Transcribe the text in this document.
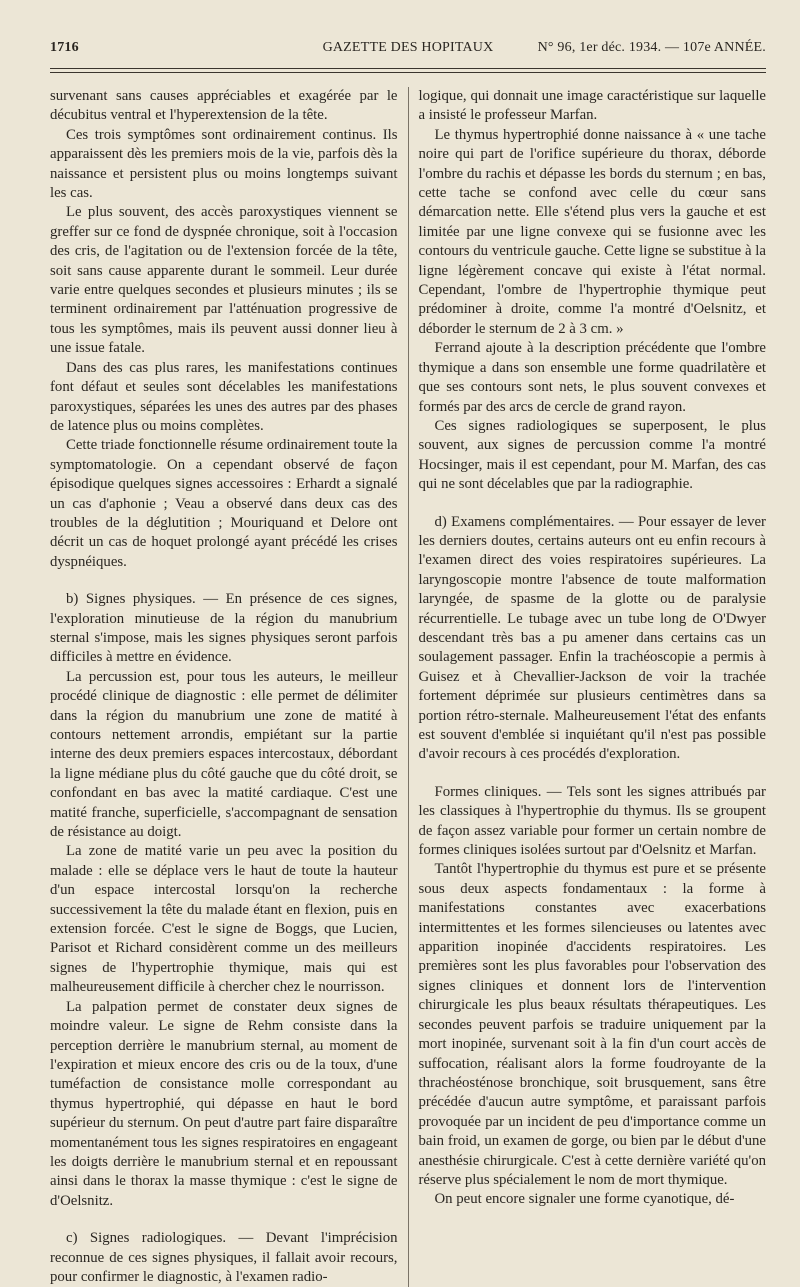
1716	GAZETTE DES HOPITAUX	N° 96, 1er déc. 1934. — 107e ANNÉE.

survenant sans causes appréciables et exagérée par le décubitus ventral et l'hyperextension de la tête.

Ces trois symptômes sont ordinairement continus. Ils apparaissent dès les premiers mois de la vie, parfois dès la naissance et persistent plus ou moins longtemps suivant les cas.

Le plus souvent, des accès paroxystiques viennent se greffer sur ce fond de dyspnée chronique, soit à l'occasion des cris, de l'agitation ou de l'extension forcée de la tête, soit sans cause apparente durant le sommeil. Leur durée varie entre quelques secondes et plusieurs minutes ; ils se terminent ordinairement par l'atténuation progressive de tous les symptômes, mais ils peuvent aussi donner lieu à une issue fatale.

Dans des cas plus rares, les manifestations continues font défaut et seules sont décelables les manifestations paroxystiques, séparées les unes des autres par des phases de latence plus ou moins complètes.

Cette triade fonctionnelle résume ordinairement toute la symptomatologie. On a cependant observé de façon épisodique quelques signes accessoires : Erhardt a signalé un cas d'aphonie ; Veau a observé dans deux cas des troubles de la déglutition ; Mouriquand et Delore ont décrit un cas de hoquet prolongé ayant précédé les crises dyspnéiques.

b) Signes physiques. — En présence de ces signes, l'exploration minutieuse de la région du manubrium sternal s'impose, mais les signes physiques seront parfois difficiles à mettre en évidence.

La percussion est, pour tous les auteurs, le meilleur procédé clinique de diagnostic : elle permet de délimiter dans la région du manubrium une zone de matité à contours nettement arrondis, empiétant sur la partie interne des deux premiers espaces intercostaux, débordant la ligne médiane plus du côté gauche que du côté droit, se confondant en bas avec la matité cardiaque. C'est une matité franche, superficielle, s'accompagnant de sensation de résistance au doigt.

La zone de matité varie un peu avec la position du malade : elle se déplace vers le haut de toute la hauteur d'un espace intercostal lorsqu'on la recherche successivement la tête du malade étant en flexion, puis en extension forcée. C'est le signe de Boggs, que Lucien, Parisot et Richard considèrent comme un des meilleurs signes de l'hypertrophie thymique, mais qui est malheureusement difficile à chercher chez le nourrisson.

La palpation permet de constater deux signes de moindre valeur. Le signe de Rehm consiste dans la perception derrière le manubrium sternal, au moment de l'expiration et mieux encore des cris ou de la toux, d'une tuméfaction de consistance molle correspondant au thymus hypertrophié, qui dépasse en haut le bord supérieur du sternum. On peut d'autre part faire disparaître momentanément tous les signes respiratoires en engageant les doigts derrière le manubrium sternal et en repoussant ainsi dans le thorax la masse thymique : c'est le signe de d'Oelsnitz.

c) Signes radiologiques. — Devant l'imprécision reconnue de ces signes physiques, il fallait avoir recours, pour confirmer le diagnostic, à l'examen radio-

logique, qui donnait une image caractéristique sur laquelle a insisté le professeur Marfan.

Le thymus hypertrophié donne naissance à « une tache noire qui part de l'orifice supérieure du thorax, déborde l'ombre du rachis et dépasse les bords du sternum ; en bas, cette tache se confond avec celle du cœur sans démarcation nette. Elle s'étend plus vers la gauche et est limitée par une ligne convexe qui se fusionne avec les contours du ventricule gauche. Cette ligne se substitue à la ligne légèrement concave qui existe à l'état normal. Cependant, l'ombre de l'hypertrophie thymique peut prédominer à droite, comme l'a montré d'Oelsnitz, et déborder le sternum de 2 à 3 cm. »

Ferrand ajoute à la description précédente que l'ombre thymique a dans son ensemble une forme quadrilatère et que ses contours sont nets, le plus souvent convexes et formés par des arcs de cercle de grand rayon.

Ces signes radiologiques se superposent, le plus souvent, aux signes de percussion comme l'a montré Hocsinger, mais il est cependant, pour M. Marfan, des cas qui ne sont décelables que par la radiographie.

d) Examens complémentaires. — Pour essayer de lever les derniers doutes, certains auteurs ont eu enfin recours à l'examen direct des voies respiratoires supérieures. La laryngoscopie montre l'absence de toute malformation laryngée, de spasme de la glotte ou de paralysie récurrentielle. Le tubage avec un tube long de O'Dwyer descendant très bas a pu amener dans certains cas un soulagement passager. Enfin la trachéoscopie a permis à Guisez et à Chevallier-Jackson de voir la trachée fortement déprimée sur plusieurs centimètres dans sa portion rétro-sternale. Malheureusement l'état des enfants est souvent d'emblée si inquiétant qu'il n'est pas possible d'avoir recours à ces procédés d'exploration.

Formes cliniques. — Tels sont les signes attribués par les classiques à l'hypertrophie du thymus. Ils se groupent de façon assez variable pour former un certain nombre de formes cliniques isolées surtout par d'Oelsnitz et Marfan.

Tantôt l'hypertrophie du thymus est pure et se présente sous deux aspects fondamentaux : la forme à manifestations constantes avec exacerbations intermittentes et les formes silencieuses ou latentes avec apparition inopinée d'accidents respiratoires. Les premières sont les plus favorables pour l'observation des signes cliniques et donnent lors de l'intervention chirurgicale les plus beaux résultats thérapeutiques. Les secondes peuvent parfois se traduire uniquement par la mort inopinée, survenant soit à la fin d'un court accès de suffocation, réalisant alors la forme foudroyante de la thrachéosténose bronchique, soit brusquement, sans être précédée d'aucun autre symptôme, et paraissant parfois provoquée par un incident de peu d'importance comme un bain froid, un examen de gorge, ou bien par le début d'une anesthésie chirurgicale. C'est à cette dernière variété qu'on réserve plus spécialement le nom de mort thymique.

On peut encore signaler une forme cyanotique, dé-
